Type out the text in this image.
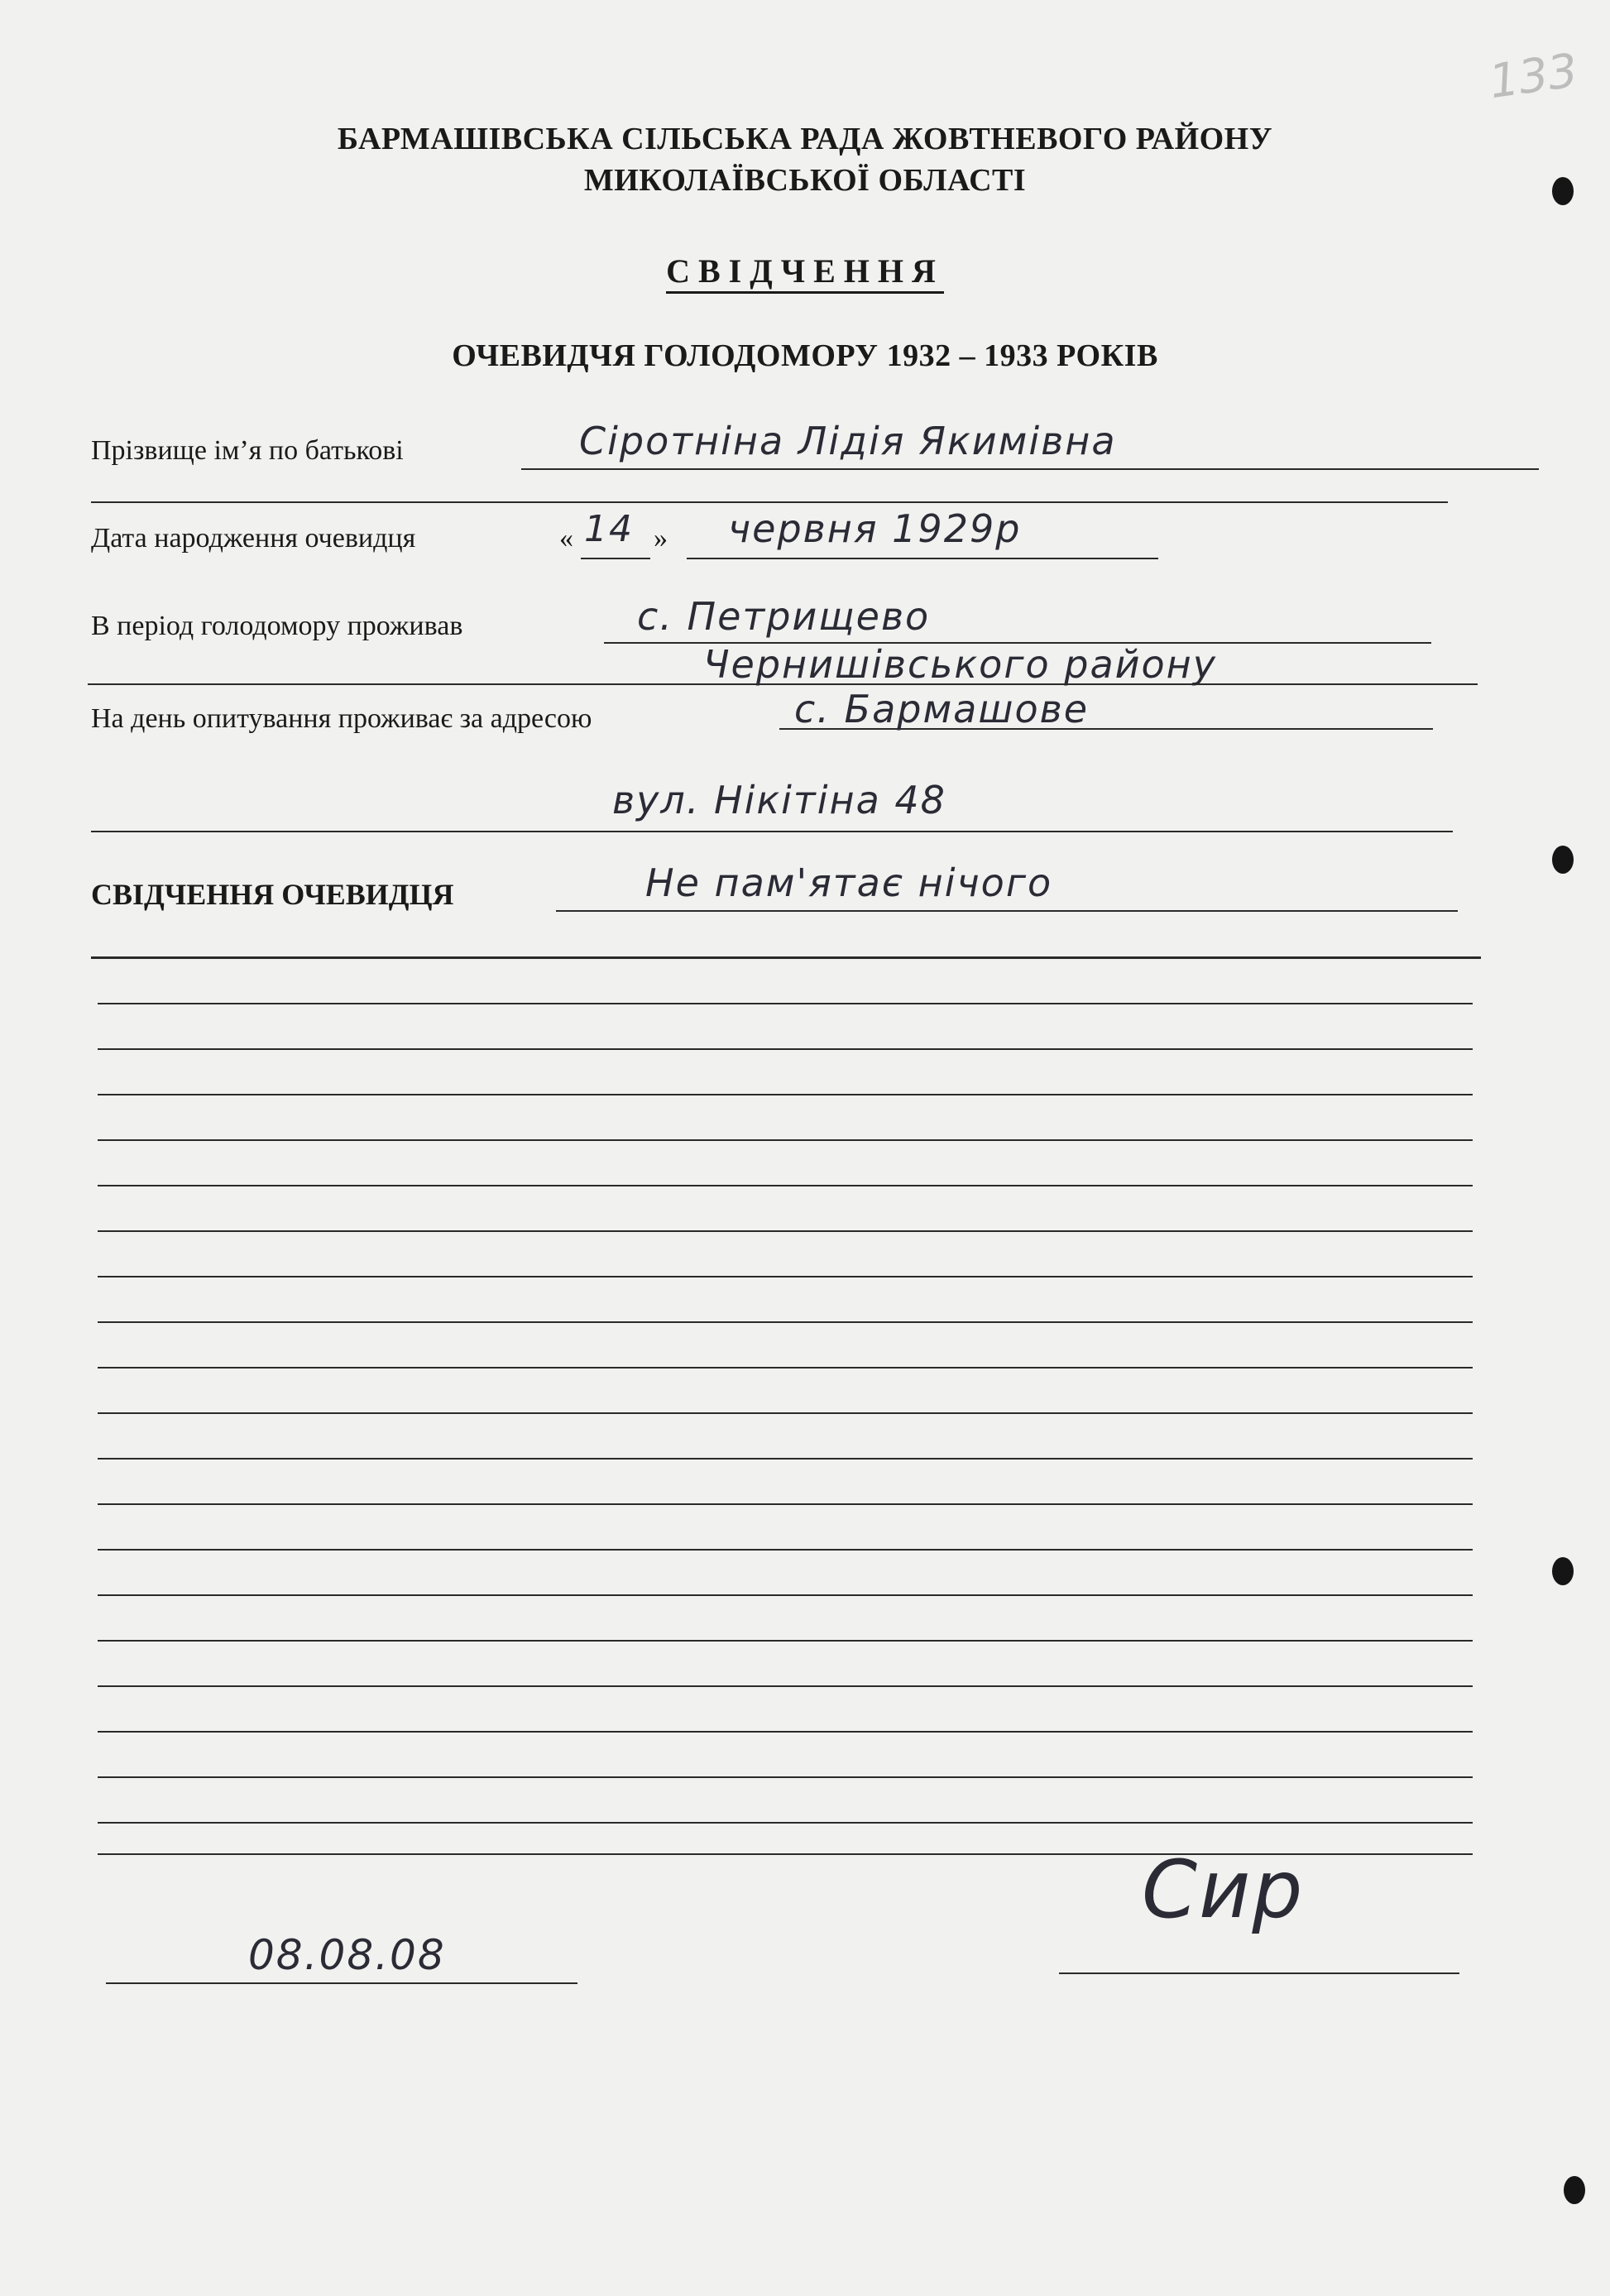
133
БАРМАШІВСЬКА СІЛЬСЬКА РАДА ЖОВТНЕВОГО РАЙОНУ
МИКОЛАЇВСЬКОЇ ОБЛАСТІ
СВІДЧЕННЯ
ОЧЕВИДЧЯ ГОЛОДОМОРУ 1932 – 1933 РОКІВ
Прізвище ім’я по батькові	Сіротніна Лідія Якимівна
Дата народження очевидця	« 14 » червня 1929р
В період голодомору проживав	с. Петрищево
Чернишівського району
На день опитування проживає за адресою	с. Бармашове
вул. Нікітіна 48
СВІДЧЕННЯ ОЧЕВИДЦЯ	Не пам'ятає нічого
08.08.08
Сир
